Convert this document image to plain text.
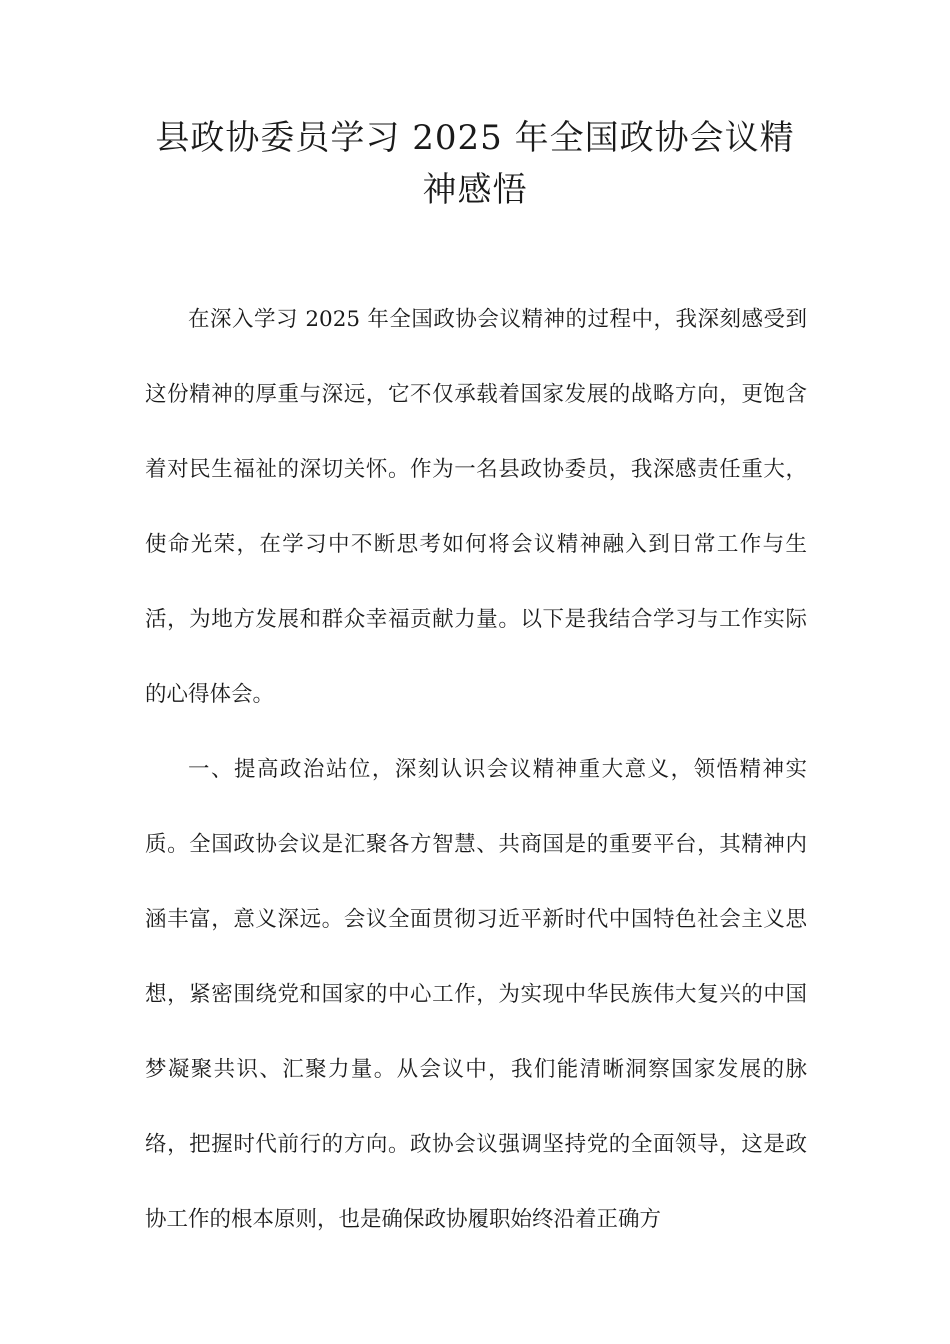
县政协委员学习 2025 年全国政协会议精神感悟

在深入学习 2025 年全国政协会议精神的过程中，我深刻感受到这份精神的厚重与深远，它不仅承载着国家发展的战略方向，更饱含着对民生福祉的深切关怀。作为一名县政协委员，我深感责任重大，使命光荣，在学习中不断思考如何将会议精神融入到日常工作与生活，为地方发展和群众幸福贡献力量。以下是我结合学习与工作实际的心得体会。

一、提高政治站位，深刻认识会议精神重大意义，领悟精神实质。全国政协会议是汇聚各方智慧、共商国是的重要平台，其精神内涵丰富，意义深远。会议全面贯彻习近平新时代中国特色社会主义思想，紧密围绕党和国家的中心工作，为实现中华民族伟大复兴的中国梦凝聚共识、汇聚力量。从会议中，我们能清晰洞察国家发展的脉络，把握时代前行的方向。政协会议强调坚持党的全面领导，这是政协工作的根本原则，也是确保政协履职始终沿着正确方
